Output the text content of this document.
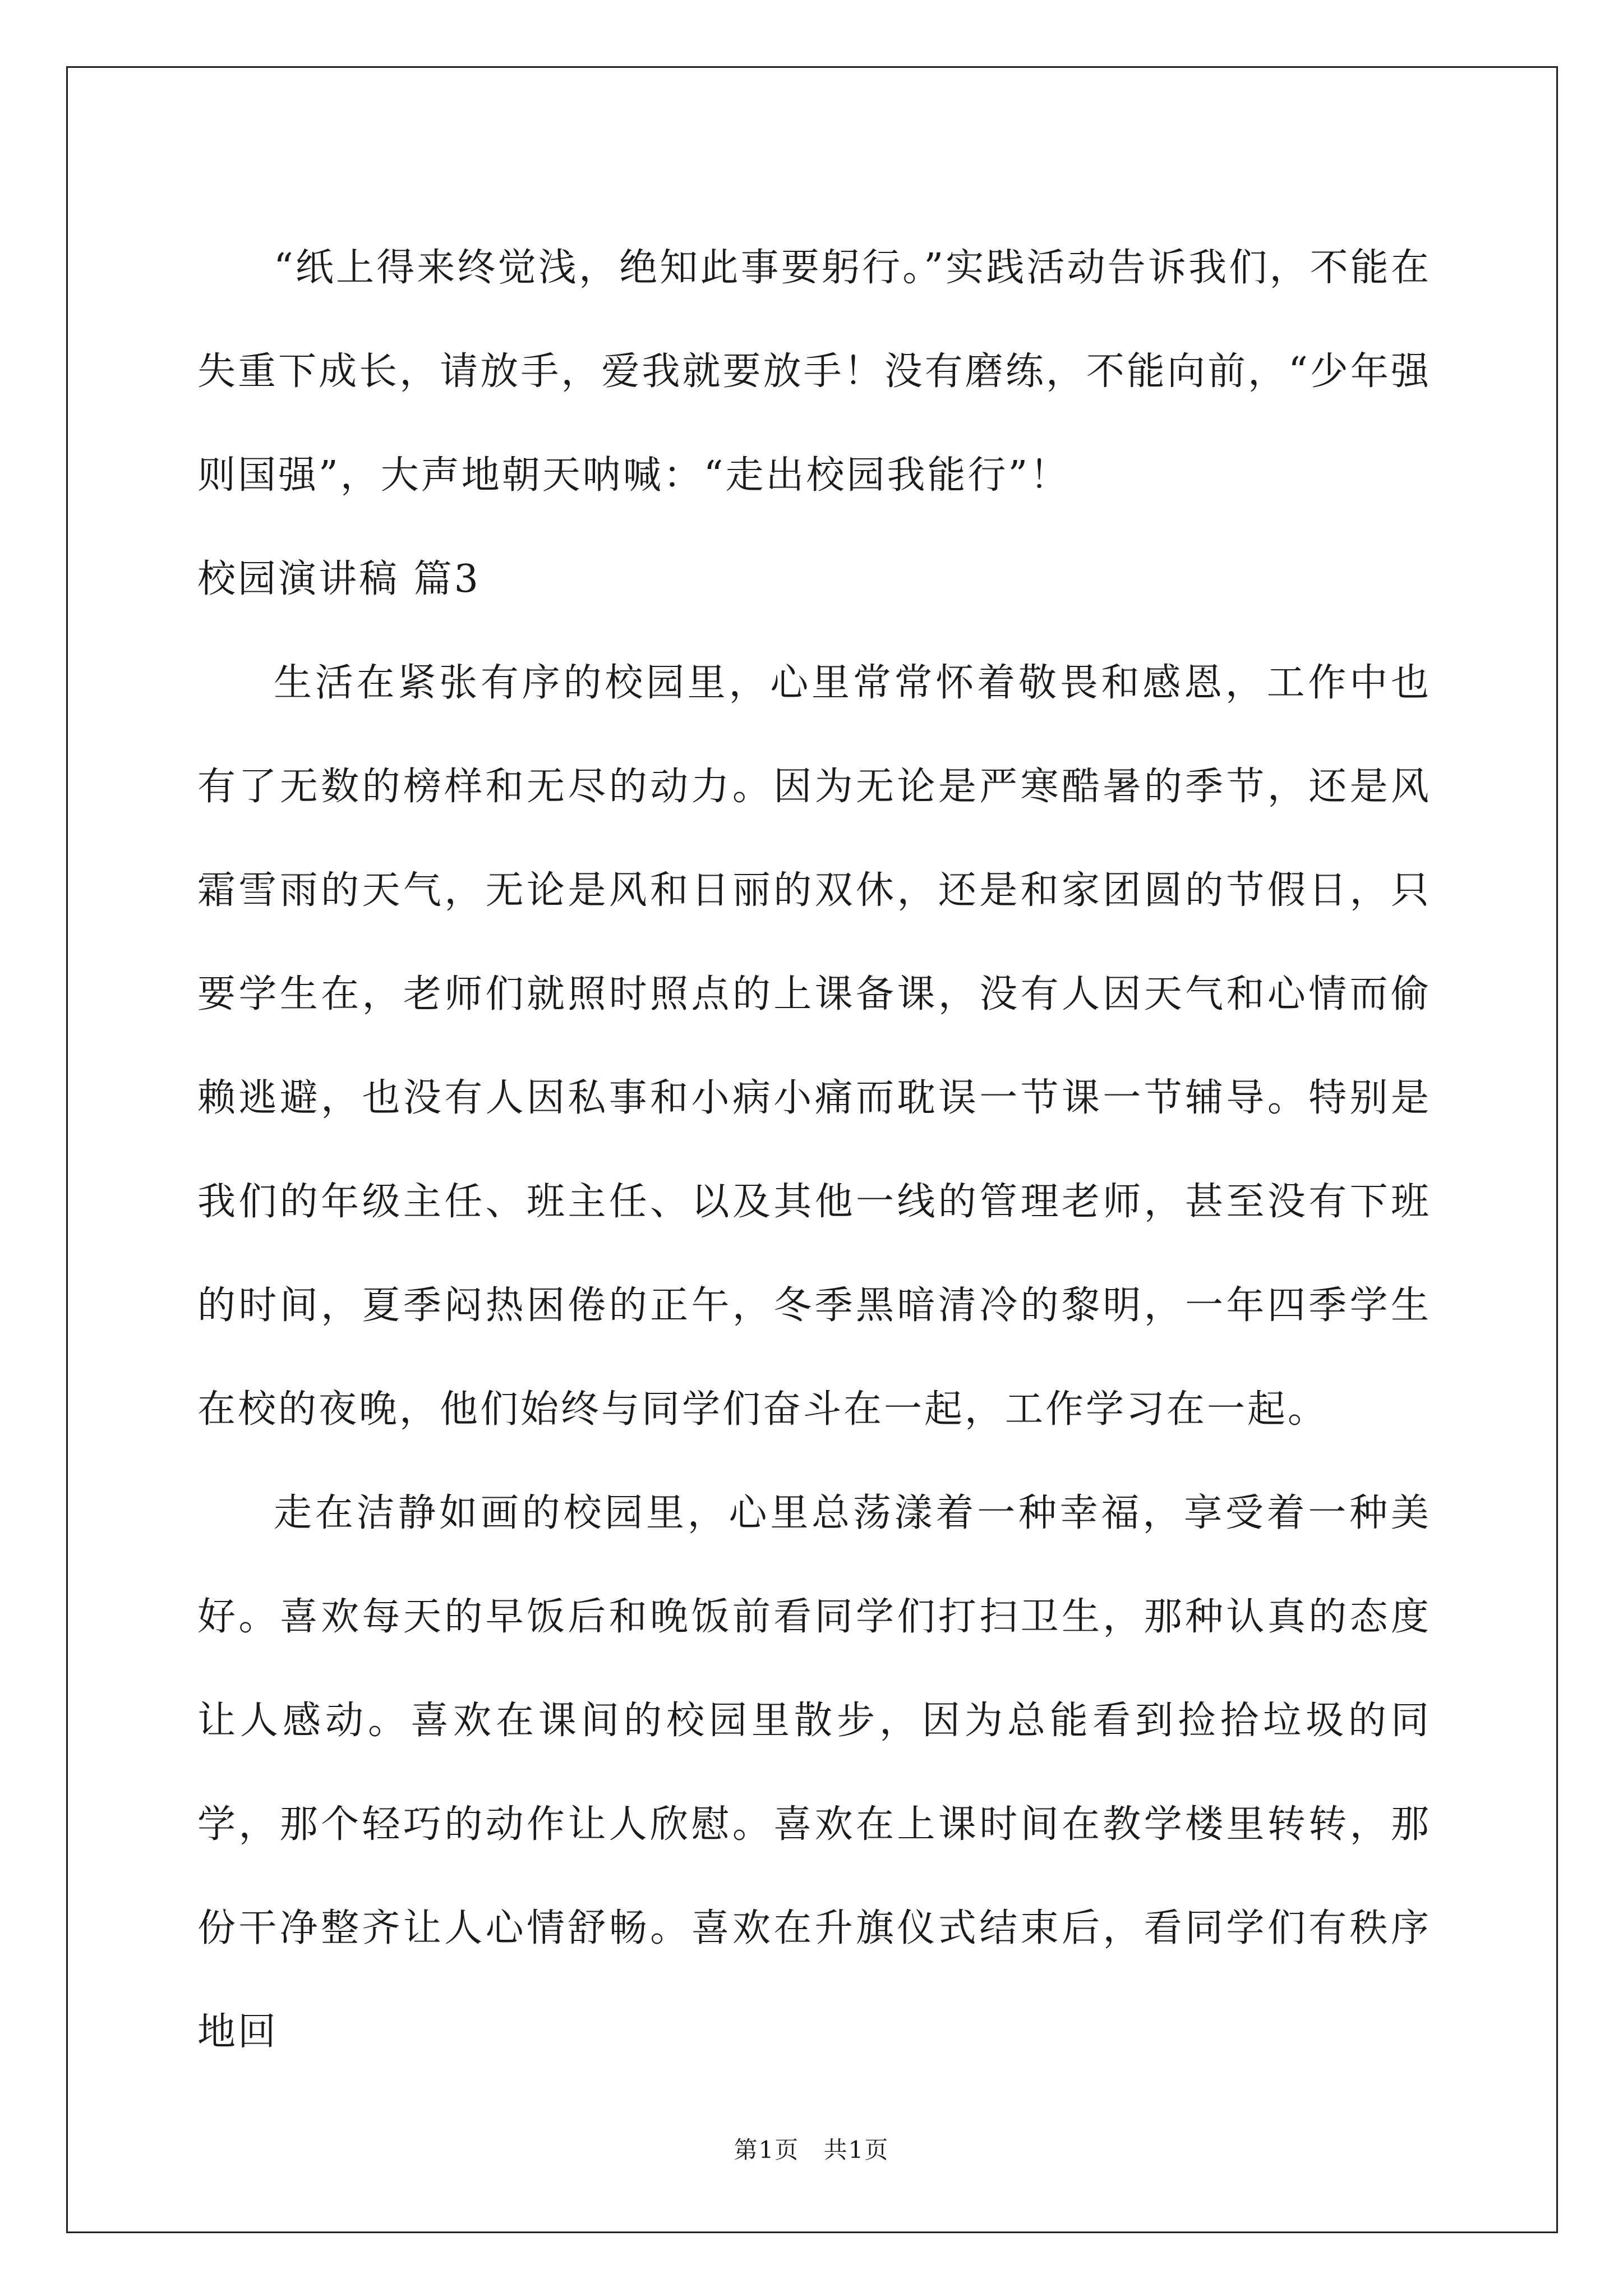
“纸上得来终觉浅，绝知此事要躬行。”实践活动告诉我们，不能在失重下成长，请放手，爱我就要放手！没有磨练，不能向前，“少年强则国强”，大声地朝天呐喊：“走出校园我能行”！

校园演讲稿 篇3

生活在紧张有序的校园里，心里常常怀着敬畏和感恩，工作中也有了无数的榜样和无尽的动力。因为无论是严寒酷暑的季节，还是风霜雪雨的天气，无论是风和日丽的双休，还是和家团圆的节假日，只要学生在，老师们就照时照点的上课备课，没有人因天气和心情而偷赖逃避，也没有人因私事和小病小痛而耽误一节课一节辅导。特别是我们的年级主任、班主任、以及其他一线的管理老师，甚至没有下班的时间，夏季闷热困倦的正午，冬季黑暗清冷的黎明，一年四季学生在校的夜晚，他们始终与同学们奋斗在一起，工作学习在一起。

走在洁静如画的校园里，心里总荡漾着一种幸福，享受着一种美好。喜欢每天的早饭后和晚饭前看同学们打扫卫生，那种认真的态度让人感动。喜欢在课间的校园里散步，因为总能看到捡拾垃圾的同学，那个轻巧的动作让人欣慰。喜欢在上课时间在教学楼里转转，那份干净整齐让人心情舒畅。喜欢在升旗仪式结束后，看同学们有秩序地回

第1页 共1页
